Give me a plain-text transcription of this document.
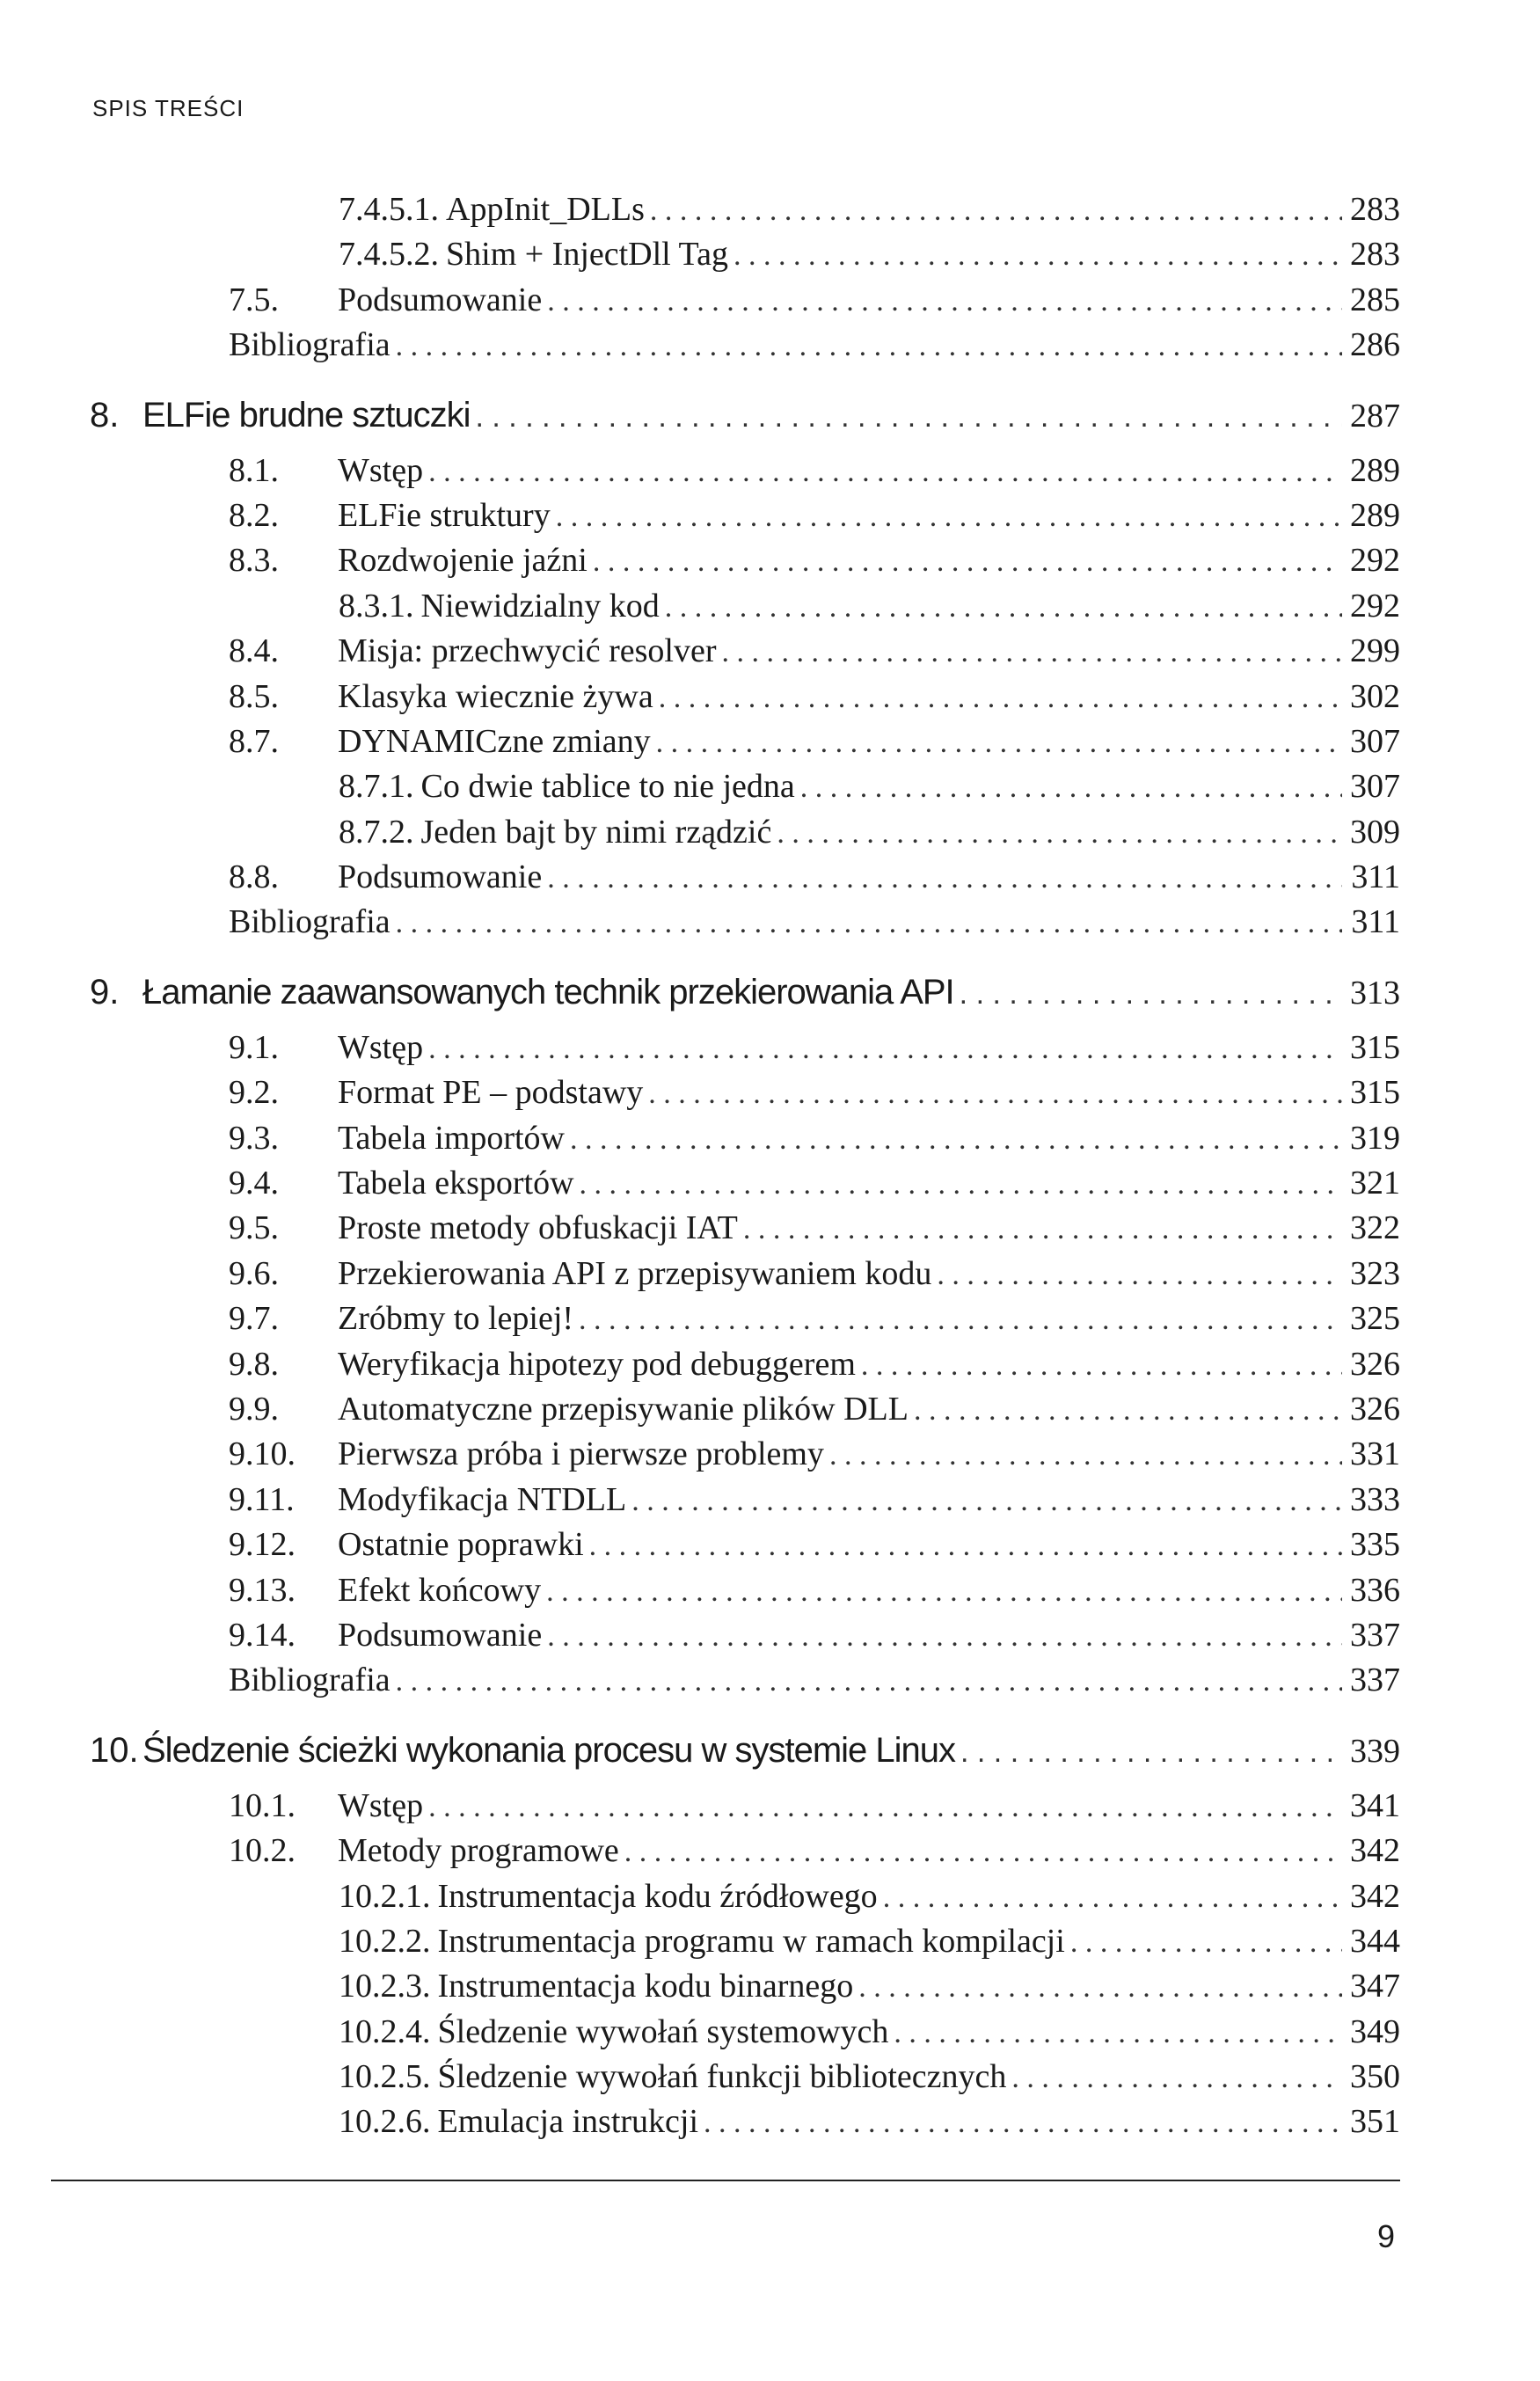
SPIS TREŚCI
7.4.5.1. AppInit_DLLs . . .	283
7.4.5.2. Shim + InjectDll Tag . . .	283
7.5.	Podsumowanie . . .	285
Bibliografia . . .	286
8. ELFie brudne sztuczki . . .	287
8.1.	Wstęp . . .	289
8.2.	ELFie struktury . . .	289
8.3.	Rozdwojenie jaźni . . .	292
8.3.1. Niewidzialny kod . . .	292
8.4.	Misja: przechwycić resolver . . .	299
8.5.	Klasyka wiecznie żywa . . .	302
8.7.	DYNAMICzne zmiany . . .	307
8.7.1. Co dwie tablice to nie jedna . . .	307
8.7.2. Jeden bajt by nimi rządzić . . .	309
8.8.	Podsumowanie . . .	311
Bibliografia . . .	311
9. Łamanie zaawansowanych technik przekierowania API . . .	313
9.1.	Wstęp . . .	315
9.2.	Format PE – podstawy . . .	315
9.3.	Tabela importów . . .	319
9.4.	Tabela eksportów . . .	321
9.5.	Proste metody obfuskacji IAT . . .	322
9.6.	Przekierowania API z przepisywaniem kodu . . .	323
9.7.	Zróbmy to lepiej! . . .	325
9.8.	Weryfikacja hipotezy pod debuggerem . . .	326
9.9.	Automatyczne przepisywanie plików DLL . . .	326
9.10.	Pierwsza próba i pierwsze problemy . . .	331
9.11.	Modyfikacja NTDLL . . .	333
9.12.	Ostatnie poprawki . . .	335
9.13.	Efekt końcowy . . .	336
9.14.	Podsumowanie . . .	337
Bibliografia . . .	337
10. Śledzenie ścieżki wykonania procesu w systemie Linux . . .	339
10.1.	Wstęp . . .	341
10.2.	Metody programowe . . .	342
10.2.1. Instrumentacja kodu źródłowego . . .	342
10.2.2. Instrumentacja programu w ramach kompilacji . . .	344
10.2.3. Instrumentacja kodu binarnego . . .	347
10.2.4. Śledzenie wywołań systemowych . . .	349
10.2.5. Śledzenie wywołań funkcji bibliotecznych . . .	350
10.2.6. Emulacja instrukcji . . .	351
9
